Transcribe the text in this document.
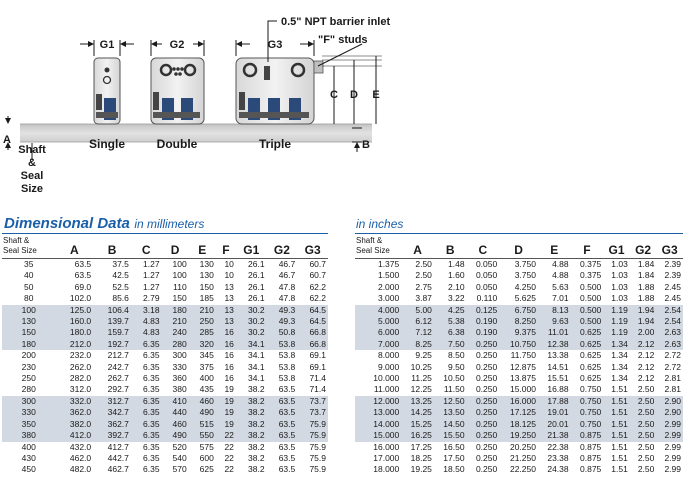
0.5" NPT barrier inlet
"F" studs
G1	G2	G3
C D E
A	B
Single	Double	Triple
Shaft
&
Seal
Size
Dimensional Data in millimeters	in inches
Shaft &
Seal Size	A	B	C	D	E	F	G1	G2	G3
35	63.5	37.5	1.27	100	130	10	26.1	46.7	60.7
40	63.5	42.5	1.27	100	130	10	26.1	46.7	60.7
50	69.0	52.5	1.27	110	150	13	26.1	47.8	62.2
80	102.0	85.6	2.79	150	185	13	26.1	47.8	62.2
100	125.0	106.4	3.18	180	210	13	30.2	49.3	64.5
130	160.0	139.7	4.83	210	250	13	30.2	49.3	64.5
150	180.0	159.7	4.83	240	285	16	30.2	50.8	66.8
180	212.0	192.7	6.35	280	320	16	34.1	53.8	66.8
200	232.0	212.7	6.35	300	345	16	34.1	53.8	69.1
230	262.0	242.7	6.35	330	375	16	34.1	53.8	69.1
250	282.0	262.7	6.35	360	400	16	34.1	53.8	71.4
280	312.0	292.7	6.35	380	435	19	38.2	63.5	71.4
300	332.0	312.7	6.35	410	460	19	38.2	63.5	73.7
330	362.0	342.7	6.35	440	490	19	38.2	63.5	73.7
350	382.0	362.7	6.35	460	515	19	38.2	63.5	75.9
380	412.0	392.7	6.35	490	550	22	38.2	63.5	75.9
400	432.0	412.7	6.35	520	575	22	38.2	63.5	75.9
430	462.0	442.7	6.35	540	600	22	38.2	63.5	75.9
450	482.0	462.7	6.35	570	625	22	38.2	63.5	75.9
Shaft &
Seal Size	A	B	C	D	E	F	G1	G2	G3
1.375	2.50	1.48	0.050	3.750	4.88	0.375	1.03	1.84	2.39
1.500	2.50	1.60	0.050	3.750	4.88	0.375	1.03	1.84	2.39
2.000	2.75	2.10	0.050	4.250	5.63	0.500	1.03	1.88	2.45
3.000	3.87	3.22	0.110	5.625	7.01	0.500	1.03	1.88	2.45
4.000	5.00	4.25	0.125	6.750	8.13	0.500	1.19	1.94	2.54
5.000	6.12	5.38	0.190	8.250	9.63	0.500	1.19	1.94	2.54
6.000	7.12	6.38	0.190	9.375	11.01	0.625	1.19	2.00	2.63
7.000	8.25	7.50	0.250	10.750	12.38	0.625	1.34	2.12	2.63
8.000	9.25	8.50	0.250	11.750	13.38	0.625	1.34	2.12	2.72
9.000	10.25	9.50	0.250	12.875	14.51	0.625	1.34	2.12	2.72
10.000	11.25	10.50	0.250	13.875	15.51	0.625	1.34	2.12	2.81
11.000	12.25	11.50	0.250	15.000	16.88	0.750	1.51	2.50	2.81
12.000	13.25	12.50	0.250	16.000	17.88	0.750	1.51	2.50	2.90
13.000	14.25	13.50	0.250	17.125	19.01	0.750	1.51	2.50	2.90
14.000	15.25	14.50	0.250	18.125	20.01	0.750	1.51	2.50	2.99
15.000	16.25	15.50	0.250	19.250	21.38	0.875	1.51	2.50	2.99
16.000	17.25	16.50	0.250	20.250	22.38	0.875	1.51	2.50	2.99
17.000	18.25	17.50	0.250	21.250	23.38	0.875	1.51	2.50	2.99
18.000	19.25	18.50	0.250	22.250	24.38	0.875	1.51	2.50	2.99
